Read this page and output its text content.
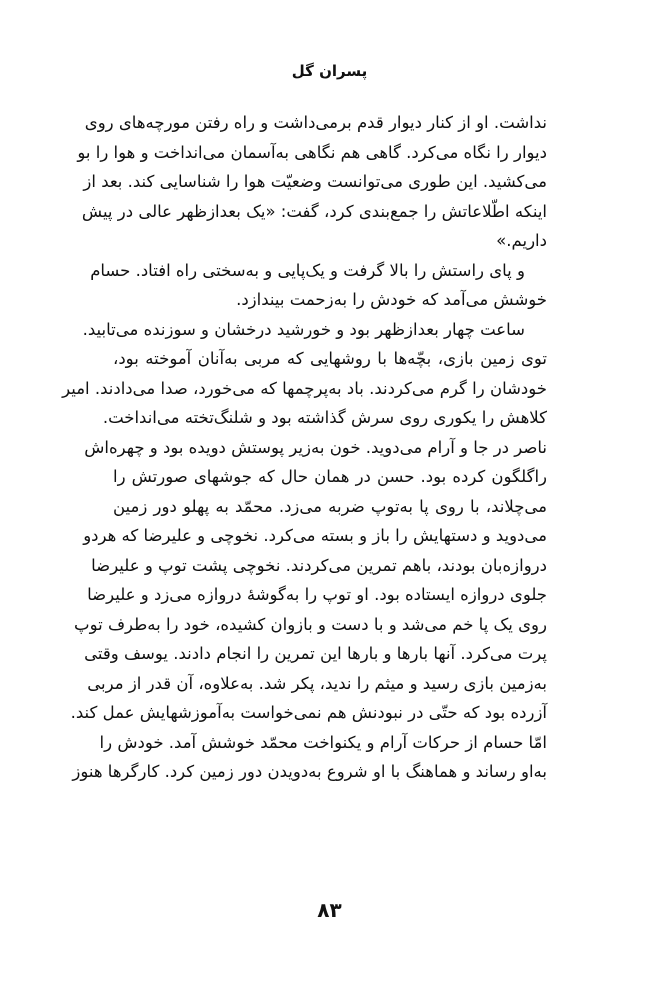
پسران گل
نداشت. او از کنار دیوار قدم برمی‌داشت و راه رفتن مورچه‌های روی
دیوار را نگاه می‌کرد. گاهی هم نگاهی به‌آسمان می‌انداخت و هوا را بو
می‌کشید. این طوری می‌توانست وضعیّت هوا را شناسایی کند. بعد از
اینکه اطّلاعاتش را جمع‌بندی کرد، گفت: «یک بعدازظهر عالی در پیش
داریم.»
و پای راستش را بالا گرفت و یک‌پایی و به‌سختی راه افتاد. حسام
خوشش می‌آمد که خودش را به‌زحمت بیندازد.
ساعت چهار بعدازظهر بود و خورشید درخشان و سوزنده می‌تابید.
توی زمین بازی، بچّه‌ها با روشهایی که مربی به‌آنان آموخته بود،
خودشان را گرم می‌کردند. باد به‌پرچمها که می‌خورد، صدا می‌دادند. امیر
کلاهش را یکوری روی سرش گذاشته بود و شلنگ‌تخته می‌انداخت.
ناصر در جا و آرام می‌دوید. خون به‌زیر پوستش دویده بود و چهره‌اش
راگلگون کرده بود. حسن در همان حال که جوشهای صورتش را
می‌چلاند، با روی پا به‌توپ ضربه می‌زد. محمّد به پهلو دور زمین
می‌دوید و دستهایش را باز و بسته می‌کرد. نخوچی و علیرضا که هردو
دروازه‌بان بودند، باهم تمرین می‌کردند. نخوچی پشت توپ و علیرضا
جلوی دروازه ایستاده بود. او توپ را به‌گوشهٔ دروازه می‌زد و علیرضا
روی یک پا خم می‌شد و با دست و بازوان کشیده، خود را به‌طرف توپ
پرت می‌کرد. آنها بارها و بارها این تمرین را انجام دادند. یوسف وقتی
به‌زمین بازی رسید و میثم را ندید، پکر شد. به‌علاوه، آن قدر از مربی
آزرده بود که حتّی در نبودنش هم نمی‌خواست به‌آموزشهایش عمل کند.
امّا حسام از حرکات آرام و یکنواخت محمّد خوشش آمد. خودش را
به‌او رساند و هماهنگ با او شروع به‌دویدن دور زمین کرد. کارگرها هنوز
۸۳
